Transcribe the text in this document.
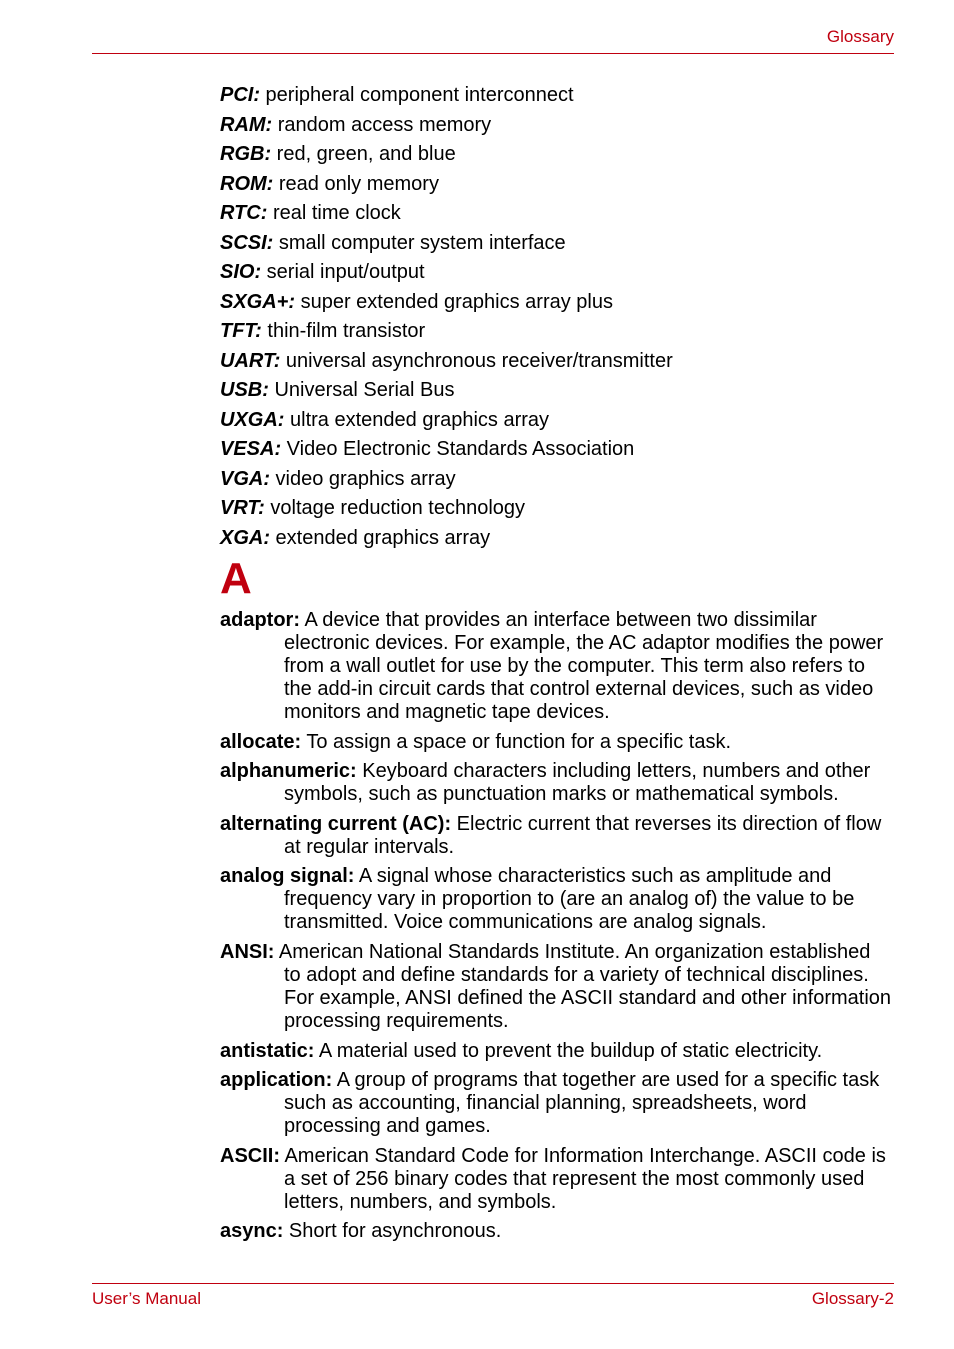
Glossary
PCI: peripheral component interconnect
RAM: random access memory
RGB: red, green, and blue
ROM: read only memory
RTC: real time clock
SCSI: small computer system interface
SIO: serial input/output
SXGA+: super extended graphics array plus
TFT: thin-film transistor
UART: universal asynchronous receiver/transmitter
USB: Universal Serial Bus
UXGA: ultra extended graphics array
VESA: Video Electronic Standards Association
VGA: video graphics array
VRT: voltage reduction technology
XGA: extended graphics array
A
adaptor: A device that provides an interface between two dissimilar electronic devices. For example, the AC adaptor modifies the power from a wall outlet for use by the computer. This term also refers to the add-in circuit cards that control external devices, such as video monitors and magnetic tape devices.
allocate: To assign a space or function for a specific task.
alphanumeric: Keyboard characters including letters, numbers and other symbols, such as punctuation marks or mathematical symbols.
alternating current (AC): Electric current that reverses its direction of flow at regular intervals.
analog signal: A signal whose characteristics such as amplitude and frequency vary in proportion to (are an analog of) the value to be transmitted. Voice communications are analog signals.
ANSI: American National Standards Institute. An organization established to adopt and define standards for a variety of technical disciplines. For example, ANSI defined the ASCII standard and other information processing requirements.
antistatic: A material used to prevent the buildup of static electricity.
application: A group of programs that together are used for a specific task such as accounting, financial planning, spreadsheets, word processing and games.
ASCII: American Standard Code for Information Interchange. ASCII code is a set of 256 binary codes that represent the most commonly used letters, numbers, and symbols.
async: Short for asynchronous.
User’s Manual	Glossary-2
